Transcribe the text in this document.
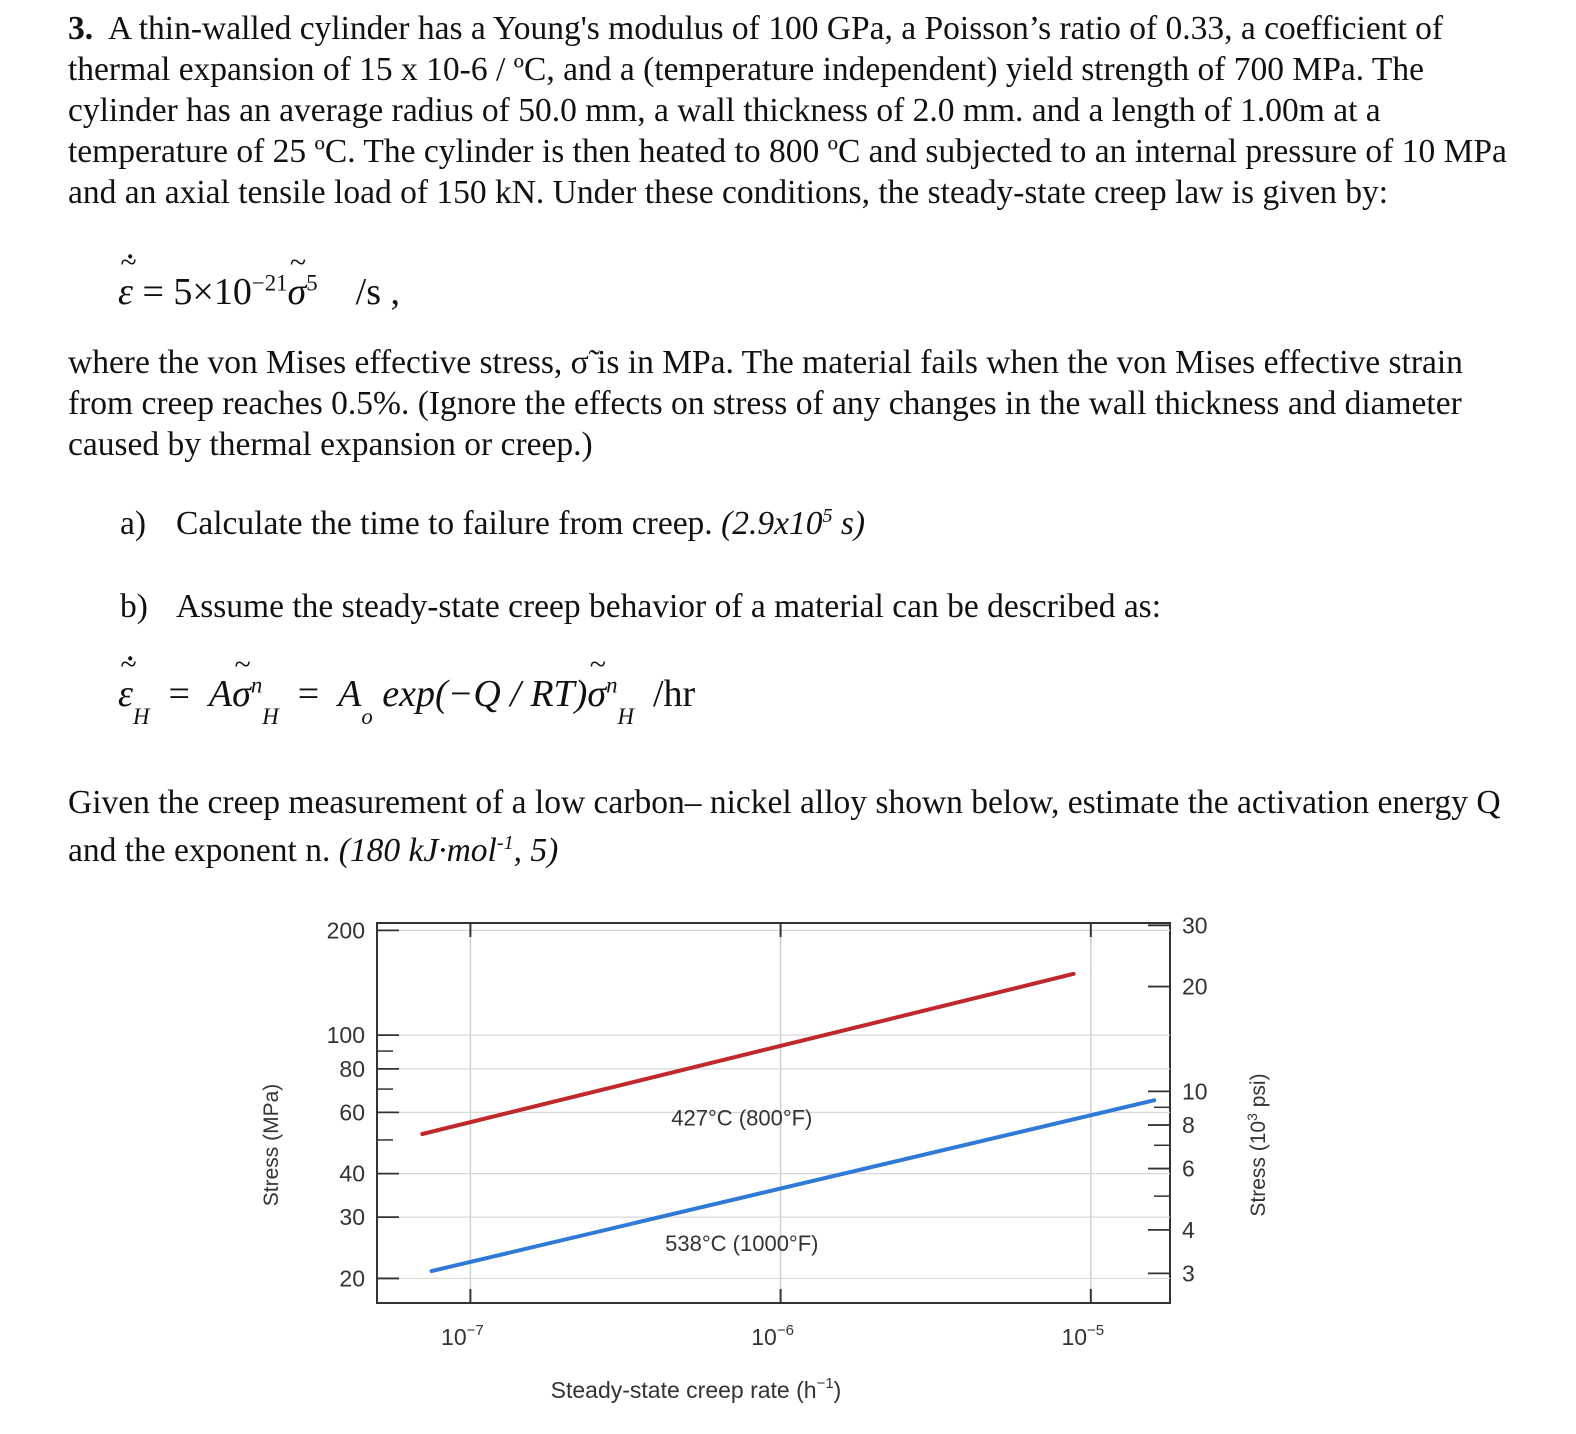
3. A thin-walled cylinder has a Young's modulus of 100 GPa, a Poisson’s ratio of 0.33, a coefficient of thermal expansion of 15 x 10-6 / ºC, and a (temperature independent) yield strength of 700 MPa. The cylinder has an average radius of 50.0 mm, a wall thickness of 2.0 mm. and a length of 1.00m at a temperature of 25 ºC. The cylinder is then heated to 800 ºC and subjected to an internal pressure of 10 MPa and an axial tensile load of 150 kN. Under these conditions, the steady-state creep law is given by:

˙ ~ $\varepsilon = 5\times 10^{-21}\sim$ $\sigma^5$ /s ,

where the von Mises effective stress, σ̃ is in MPa. The material fails when the von Mises effective strain from creep reaches 0.5%. (Ignore the effects on stress of any changes in the wall thickness and diameter caused by thermal expansion or creep.)

a) Calculate the time to failure from creep. ($2.9x10^5$ s)
b) Assume the steady-state creep behavior of a material can be described as:
˙ ~ $\varepsilon_H$  = A~ $\sigma^n_H = A_o$ exp(−Q / RT)~ $\sigma^n_H$  /hr

Given the creep measurement of a low carbon– nickel alloy shown below, estimate the activation energy Q and the exponent n. (180 kJ·mol$^{-1}$, 5)

$10^{-7}$	$10^{-6}$	$10^{-5}$
200
100
80
60
40
30
20
30
20
10
8
6
4
3
427°C (800°F)
538°C (1000°F)
Steady-state creep rate $(h^{-1})$
Stress (MPa)	Stress ($10^3$ psi)
